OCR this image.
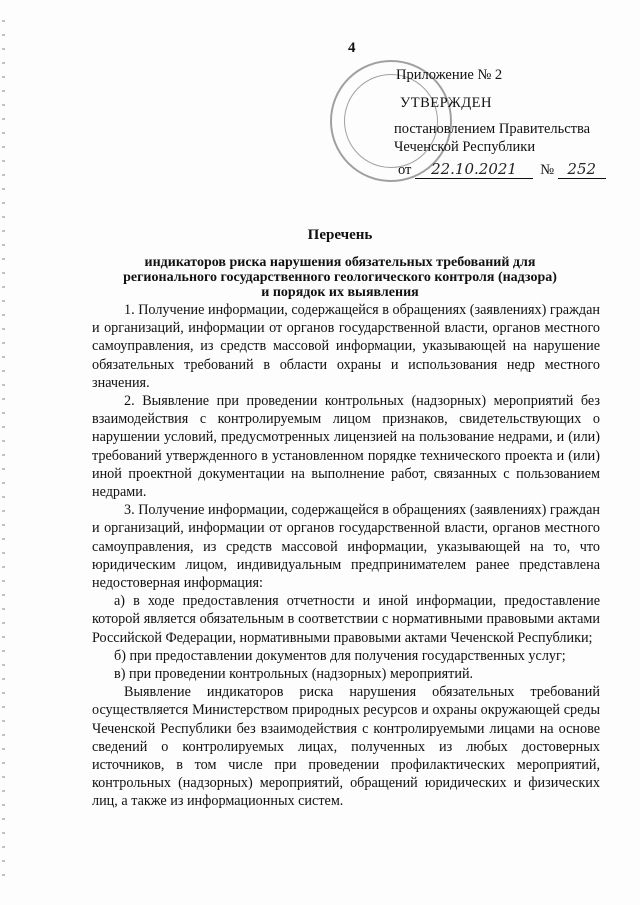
4
Приложение № 2
УТВЕРЖДЕН
постановлением Правительства
Чеченской Республики
от 22.10.2021 № 252
Перечень
индикаторов риска нарушения обязательных требований для
регионального государственного геологического контроля (надзора)
и порядок их выявления

1. Получение информации, содержащейся в обращениях (заявлениях) граждан и организаций, информации от органов государственной власти, органов местного самоуправления, из средств массовой информации, указывающей на нарушение обязательных требований в области охраны и использования недр местного значения.

2. Выявление при проведении контрольных (надзорных) мероприятий без взаимодействия с контролируемым лицом признаков, свидетельствующих о нарушении условий, предусмотренных лицензией на пользование недрами, и (или) требований утвержденного в установленном порядке технического проекта и (или) иной проектной документации на выполнение работ, связанных с пользованием недрами.

3. Получение информации, содержащейся в обращениях (заявлениях) граждан и организаций, информации от органов государственной власти, органов местного самоуправления, из средств массовой информации, указывающей на то, что юридическим лицом, индивидуальным предпринимателем ранее представлена недостоверная информация:

а) в ходе предоставления отчетности и иной информации, предоставление которой является обязательным в соответствии с нормативными правовыми актами Российской Федерации, нормативными правовыми актами Чеченской Республики;

б) при предоставлении документов для получения государственных услуг;

в) при проведении контрольных (надзорных) мероприятий.

Выявление индикаторов риска нарушения обязательных требований осуществляется Министерством природных ресурсов и охраны окружающей среды Чеченской Республики без взаимодействия с контролируемыми лицами на основе сведений о контролируемых лицах, полученных из любых достоверных источников, в том числе при проведении профилактических мероприятий, контрольных (надзорных) мероприятий, обращений юридических и физических лиц, а также из информационных систем.
